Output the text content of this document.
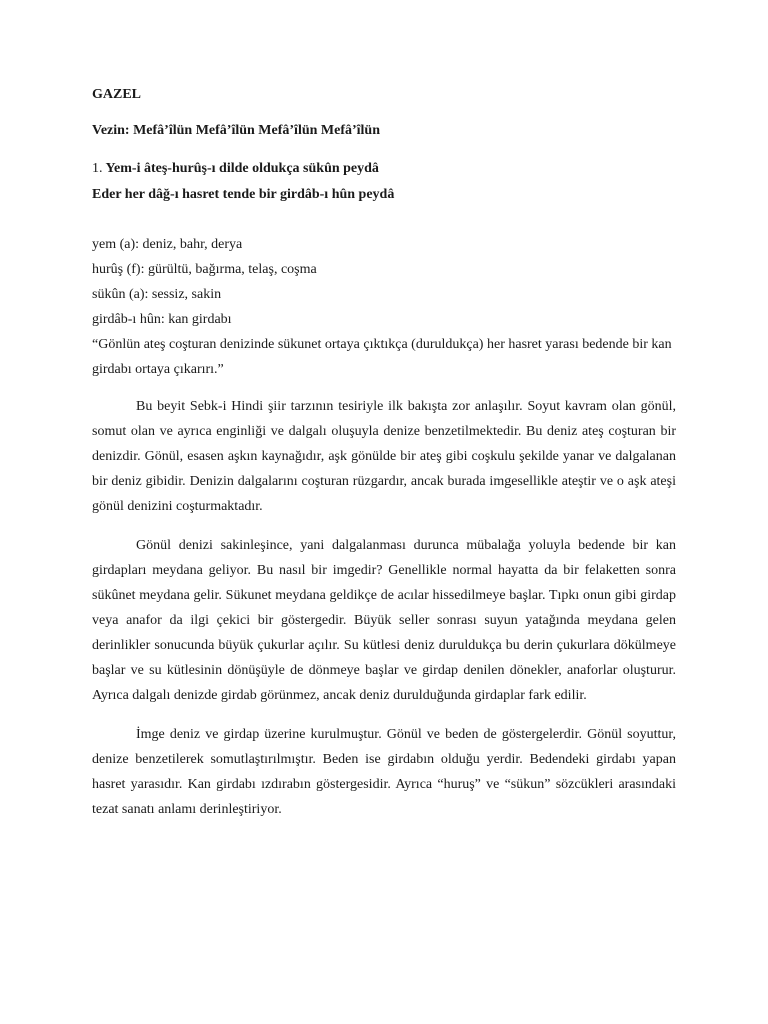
GAZEL
Vezin: Mefâ’îlün Mefâ’îlün Mefâ’îlün Mefâ’îlün
1. Yem-i âteş-hurûş-ı dilde oldukça sükûn peydâ
Eder her dâğ-ı hasret tende bir girdâb-ı hûn peydâ
yem (a): deniz, bahr, derya
hurûş (f): gürültü, bağırma, telaş, coşma
sükûn (a): sessiz, sakin
girdâb-ı hûn: kan girdabı
“Gönlün ateş coşturan denizinde sükunet ortaya çıktıkça (duruldukça) her hasret yarası bedende bir kan girdabı ortaya çıkarırı.”

Bu beyit Sebk-i Hindi şiir tarzının tesiriyle ilk bakışta zor anlaşılır. Soyut kavram olan gönül, somut olan ve ayrıca enginliği ve dalgalı oluşuyla denize benzetilmektedir. Bu deniz ateş coşturan bir denizdir. Gönül, esasen aşkın kaynağıdır, aşk gönülde bir ateş gibi coşkulu şekilde yanar ve dalgalanan bir deniz gibidir. Denizin dalgalarını coşturan rüzgardır, ancak burada imgesellikle ateştir ve o aşk ateşi gönül denizini coşturmaktadır.

Gönül denizi sakinleşince, yani dalgalanması durunca mübalağa yoluyla bedende bir kan girdapları meydana geliyor. Bu nasıl bir imgedir? Genellikle normal hayatta da bir felaketten sonra sükûnet meydana gelir. Sükunet meydana geldikçe de acılar hissedilmeye başlar. Tıpkı onun gibi girdap veya anafor da ilgi çekici bir göstergedir. Büyük seller sonrası suyun yatağında meydana gelen derinlikler sonucunda büyük çukurlar açılır. Su kütlesi deniz duruldukça bu derin çukurlara dökülmeye başlar ve su kütlesinin dönüşüyle de dönmeye başlar ve girdap denilen dönekler, anaforlar oluşturur. Ayrıca dalgalı denizde girdab görünmez, ancak deniz durulduğunda girdaplar fark edilir.

İmge deniz ve girdap üzerine kurulmuştur. Gönül ve beden de göstergelerdir. Gönül soyuttur, denize benzetilerek somutlaştırılmıştır. Beden ise girdabın olduğu yerdir. Bedendeki girdabı yapan hasret yarasıdır. Kan girdabı ızdırabın göstergesidir. Ayrıca “huruş” ve “sükun” sözcükleri arasındaki tezat sanatı anlamı derinleştiriyor.
